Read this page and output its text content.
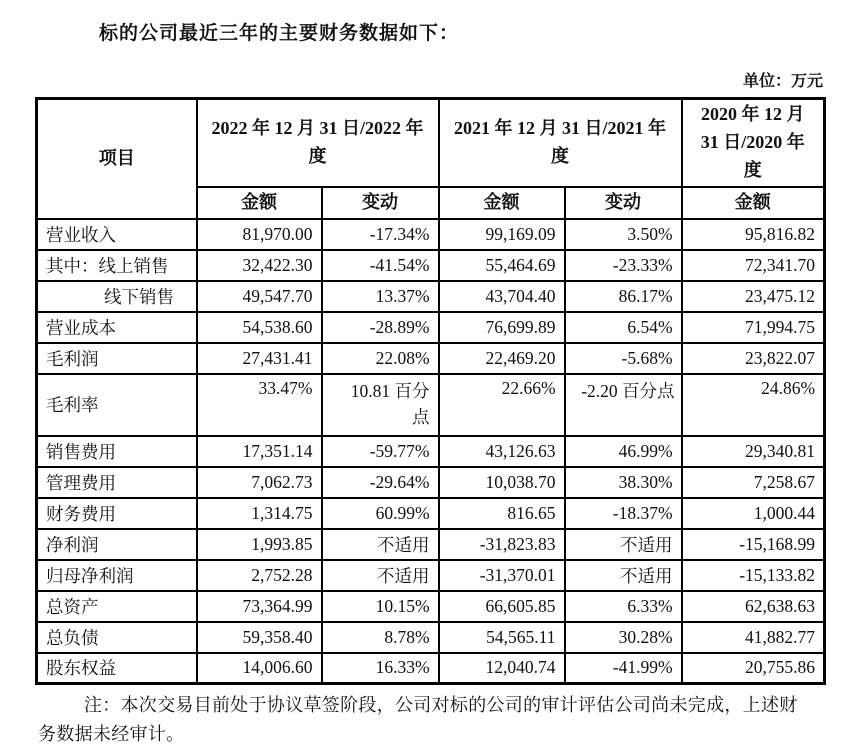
标的公司最近三年的主要财务数据如下：
单位：万元
项目	2022 年 12 月 31 日/2022 年度		2021 年 12 月 31 日/2021 年度		2020 年 12 月 31 日/2020 年度
	金额	变动	金额	变动	金额
营业收入	81,970.00	-17.34%	99,169.09	3.50%	95,816.82
其中：线上销售	32,422.30	-41.54%	55,464.69	-23.33%	72,341.70
线下销售	49,547.70	13.37%	43,704.40	86.17%	23,475.12
营业成本	54,538.60	-28.89%	76,699.89	6.54%	71,994.75
毛利润	27,431.41	22.08%	22,469.20	-5.68%	23,822.07
毛利率	33.47%	10.81 百分点	22.66%	-2.20 百分点	24.86%
销售费用	17,351.14	-59.77%	43,126.63	46.99%	29,340.81
管理费用	7,062.73	-29.64%	10,038.70	38.30%	7,258.67
财务费用	1,314.75	60.99%	816.65	-18.37%	1,000.44
净利润	1,993.85	不适用	-31,823.83	不适用	-15,168.99
归母净利润	2,752.28	不适用	-31,370.01	不适用	-15,133.82
总资产	73,364.99	10.15%	66,605.85	6.33%	62,638.63
总负债	59,358.40	8.78%	54,565.11	30.28%	41,882.77
股东权益	14,006.60	16.33%	12,040.74	-41.99%	20,755.86
注：本次交易目前处于协议草签阶段，公司对标的公司的审计评估公司尚未完成，上述财务数据未经审计。
